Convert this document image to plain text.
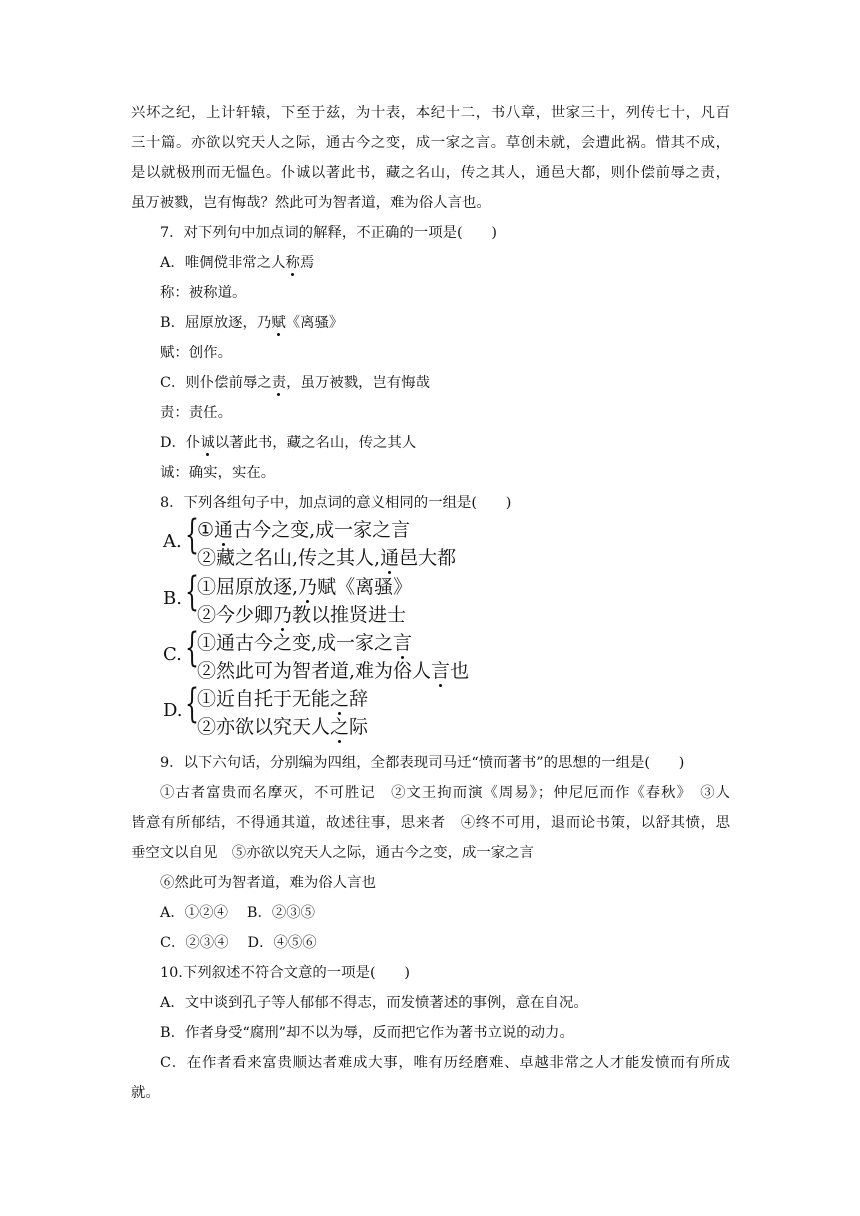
兴坏之纪，上计轩辕，下至于兹，为十表，本纪十二，书八章，世家三十，列传七十，凡百
三十篇。亦欲以究天人之际，通古今之变，成一家之言。草创未就，会遭此祸。惜其不成，
是以就极刑而无愠色。仆诚以著此书，藏之名山，传之其人，通邑大都，则仆偿前辱之责，
虽万被戮，岂有悔哉？然此可为智者道，难为俗人言也。
7．对下列句中加点词的解释，不正确的一项是(　　)
A．唯倜傥非常之人称焉
称：被称道。
B．屈原放逐，乃赋《离骚》
赋：创作。
C．则仆偿前辱之责，虽万被戮，岂有悔哉
责：责任。
D．仆诚以著此书，藏之名山，传之其人
诚：确实，实在。
8．下列各组句子中，加点词的意义相同的一组是(　　)
A. {
①通古今之变,成一家之言
②藏之名山,传之其人,通邑大都
B. {
①屈原放逐,乃赋《离骚》
②今少卿乃教以推贤进士
C. {
①通古今之变,成一家之言
②然此可为智者道,难为俗人言也
D. {
①近自托于无能之辞
②亦欲以究天人之际
9．以下六句话，分别编为四组，全都表现司马迁“愤而著书”的思想的一组是(　　)
①古者富贵而名摩灭，不可胜记　②文王拘而演《周易》；仲尼厄而作《春秋》　③人
皆意有所郁结，不得通其道，故述往事，思来者　④终不可用，退而论书策，以舒其愤，思
垂空文以自见　⑤亦欲以究天人之际，通古今之变，成一家之言
⑥然此可为智者道，难为俗人言也
A．①②④　 B．②③⑤
C．②③④　 D．④⑤⑥
10.下列叙述不符合文意的一项是(　　)
A．文中谈到孔子等人郁郁不得志，而发愤著述的事例，意在自况。
B．作者身受“腐刑”却不以为辱，反而把它作为著书立说的动力。
C．在作者看来富贵顺达者难成大事，唯有历经磨难、卓越非常之人才能发愤而有所成
就。
